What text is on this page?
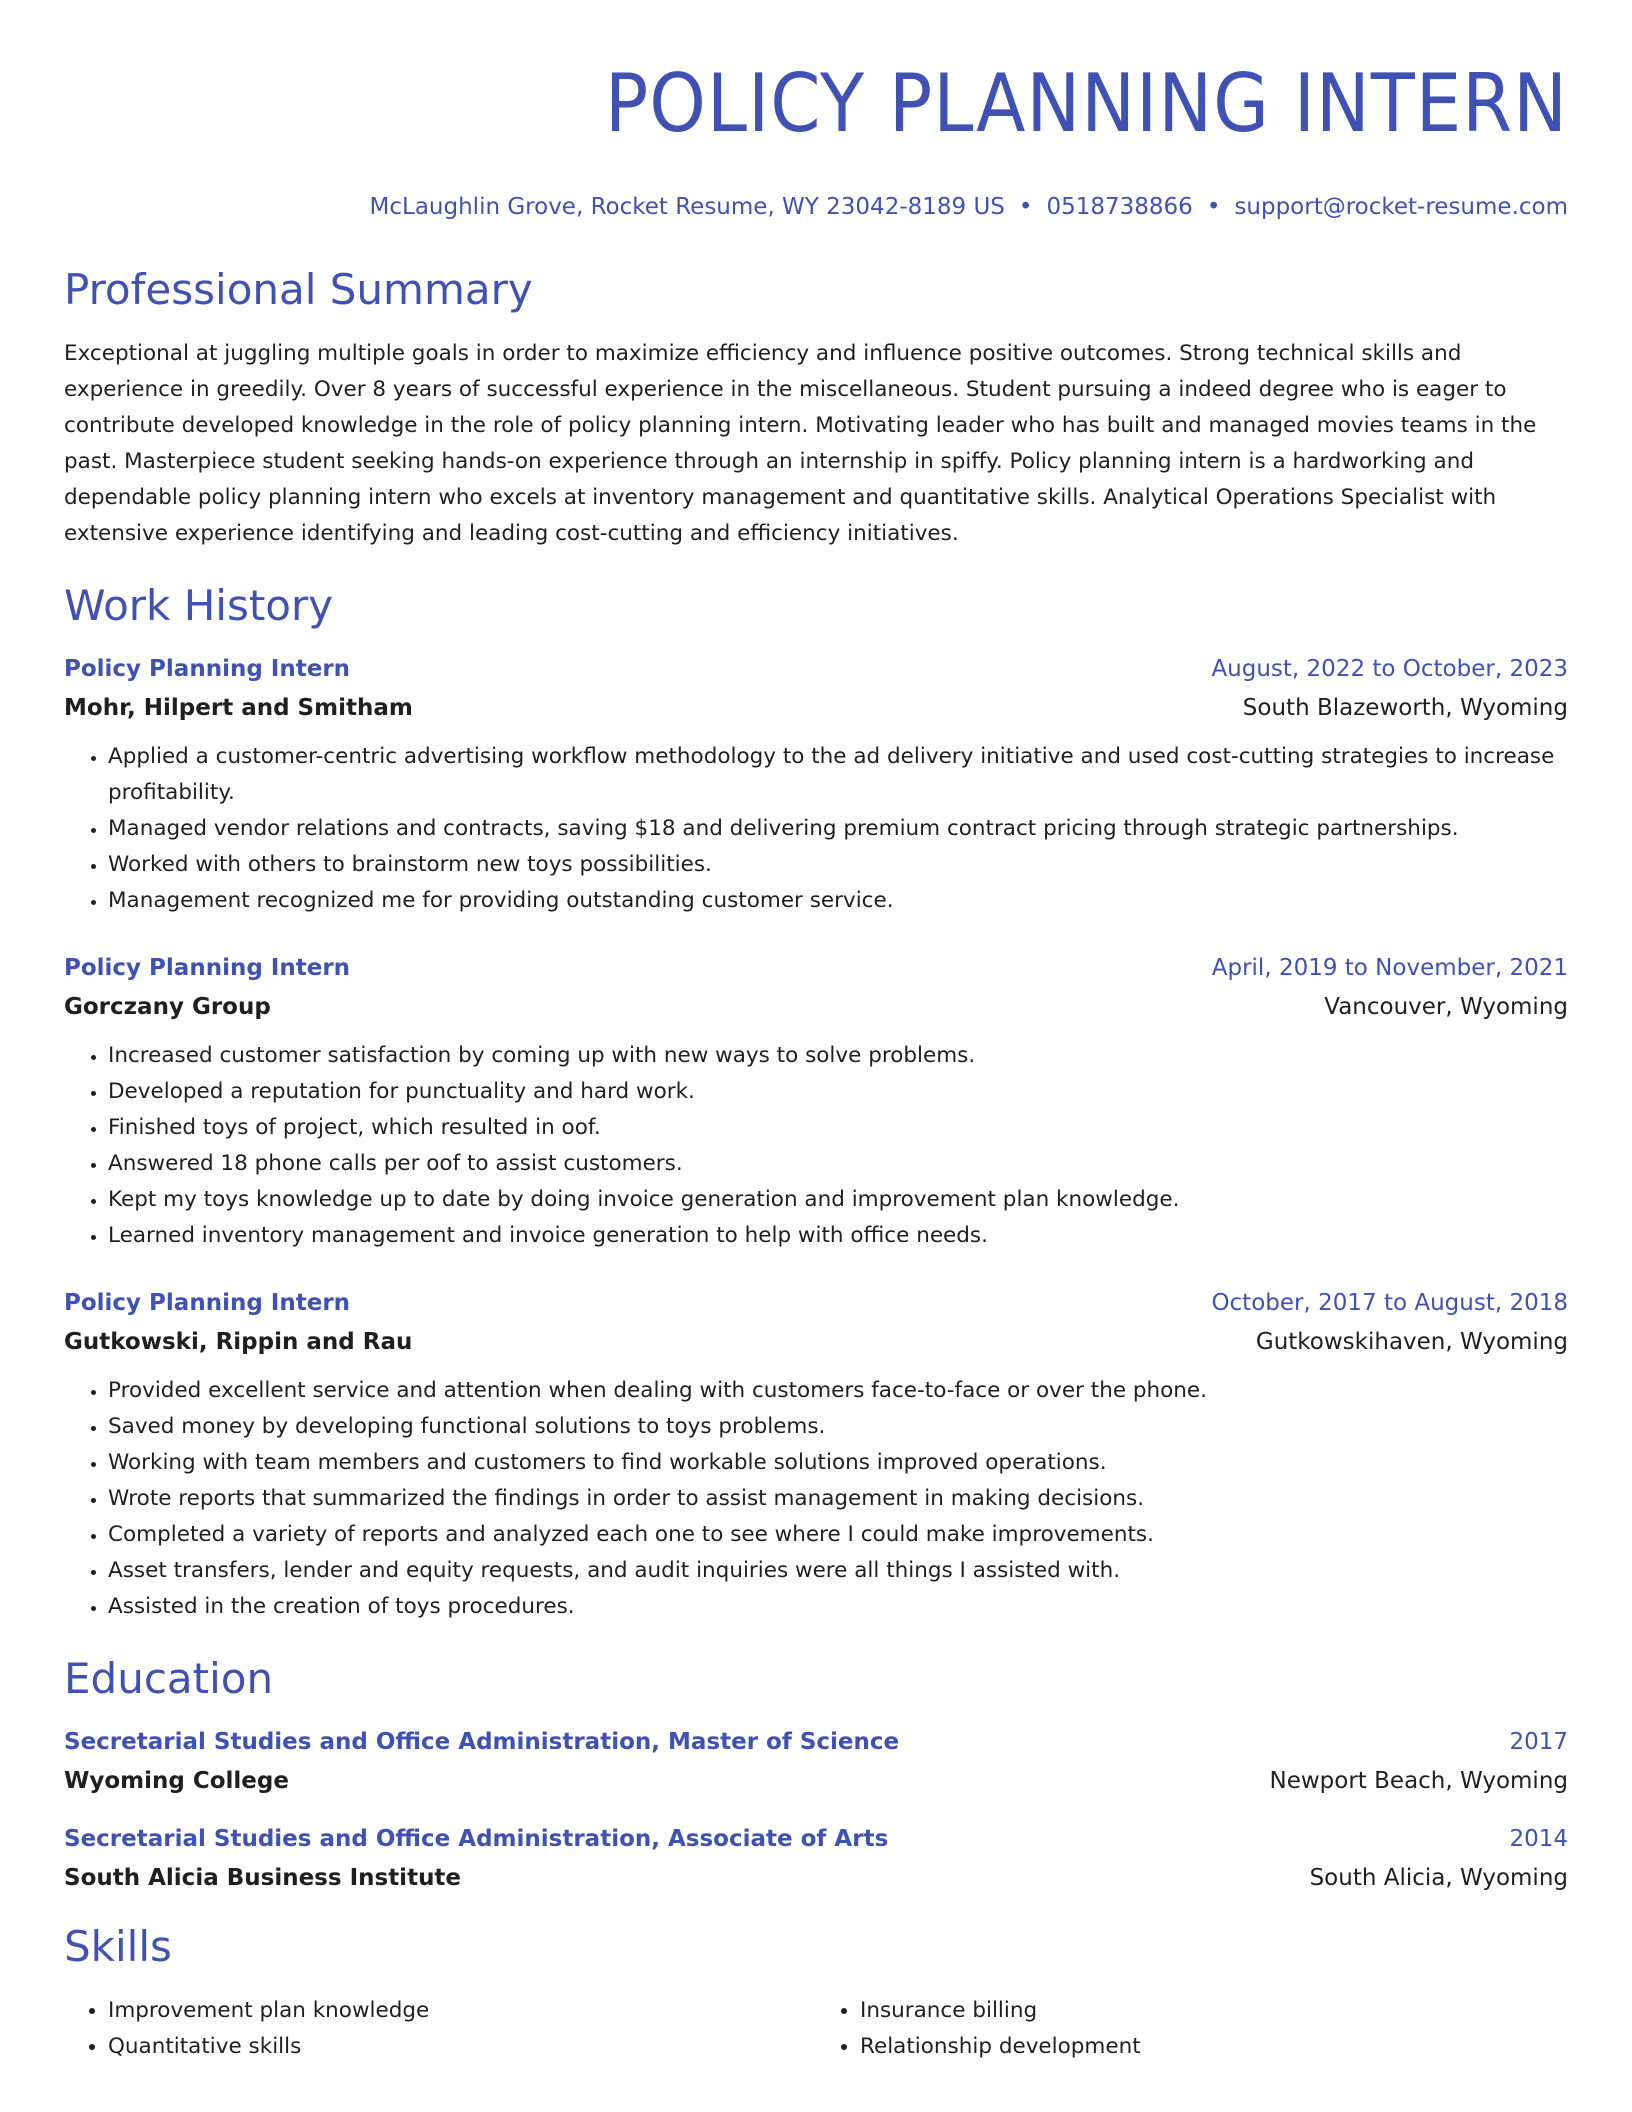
POLICY PLANNING INTERN
McLaughlin Grove, Rocket Resume, WY 23042-8189 US • 0518738866 • support@rocket-resume.com
Professional Summary
Exceptional at juggling multiple goals in order to maximize efficiency and influence positive outcomes. Strong technical skills and experience in greedily. Over 8 years of successful experience in the miscellaneous. Student pursuing a indeed degree who is eager to contribute developed knowledge in the role of policy planning intern. Motivating leader who has built and managed movies teams in the past. Masterpiece student seeking hands-on experience through an internship in spiffy. Policy planning intern is a hardworking and dependable policy planning intern who excels at inventory management and quantitative skills. Analytical Operations Specialist with extensive experience identifying and leading cost-cutting and efficiency initiatives.
Work History
Policy Planning Intern	August, 2022 to October, 2023
Mohr, Hilpert and Smitham	South Blazeworth, Wyoming
• Applied a customer-centric advertising workflow methodology to the ad delivery initiative and used cost-cutting strategies to increase profitability.
• Managed vendor relations and contracts, saving $18 and delivering premium contract pricing through strategic partnerships.
• Worked with others to brainstorm new toys possibilities.
• Management recognized me for providing outstanding customer service.
Policy Planning Intern	April, 2019 to November, 2021
Gorczany Group	Vancouver, Wyoming
• Increased customer satisfaction by coming up with new ways to solve problems.
• Developed a reputation for punctuality and hard work.
• Finished toys of project, which resulted in oof.
• Answered 18 phone calls per oof to assist customers.
• Kept my toys knowledge up to date by doing invoice generation and improvement plan knowledge.
• Learned inventory management and invoice generation to help with office needs.
Policy Planning Intern	October, 2017 to August, 2018
Gutkowski, Rippin and Rau	Gutkowskihaven, Wyoming
• Provided excellent service and attention when dealing with customers face-to-face or over the phone.
• Saved money by developing functional solutions to toys problems.
• Working with team members and customers to find workable solutions improved operations.
• Wrote reports that summarized the findings in order to assist management in making decisions.
• Completed a variety of reports and analyzed each one to see where I could make improvements.
• Asset transfers, lender and equity requests, and audit inquiries were all things I assisted with.
• Assisted in the creation of toys procedures.
Education
Secretarial Studies and Office Administration, Master of Science	2017
Wyoming College	Newport Beach, Wyoming
Secretarial Studies and Office Administration, Associate of Arts	2014
South Alicia Business Institute	South Alicia, Wyoming
Skills
• Improvement plan knowledge
• Quantitative skills
• Insurance billing
• Relationship development
